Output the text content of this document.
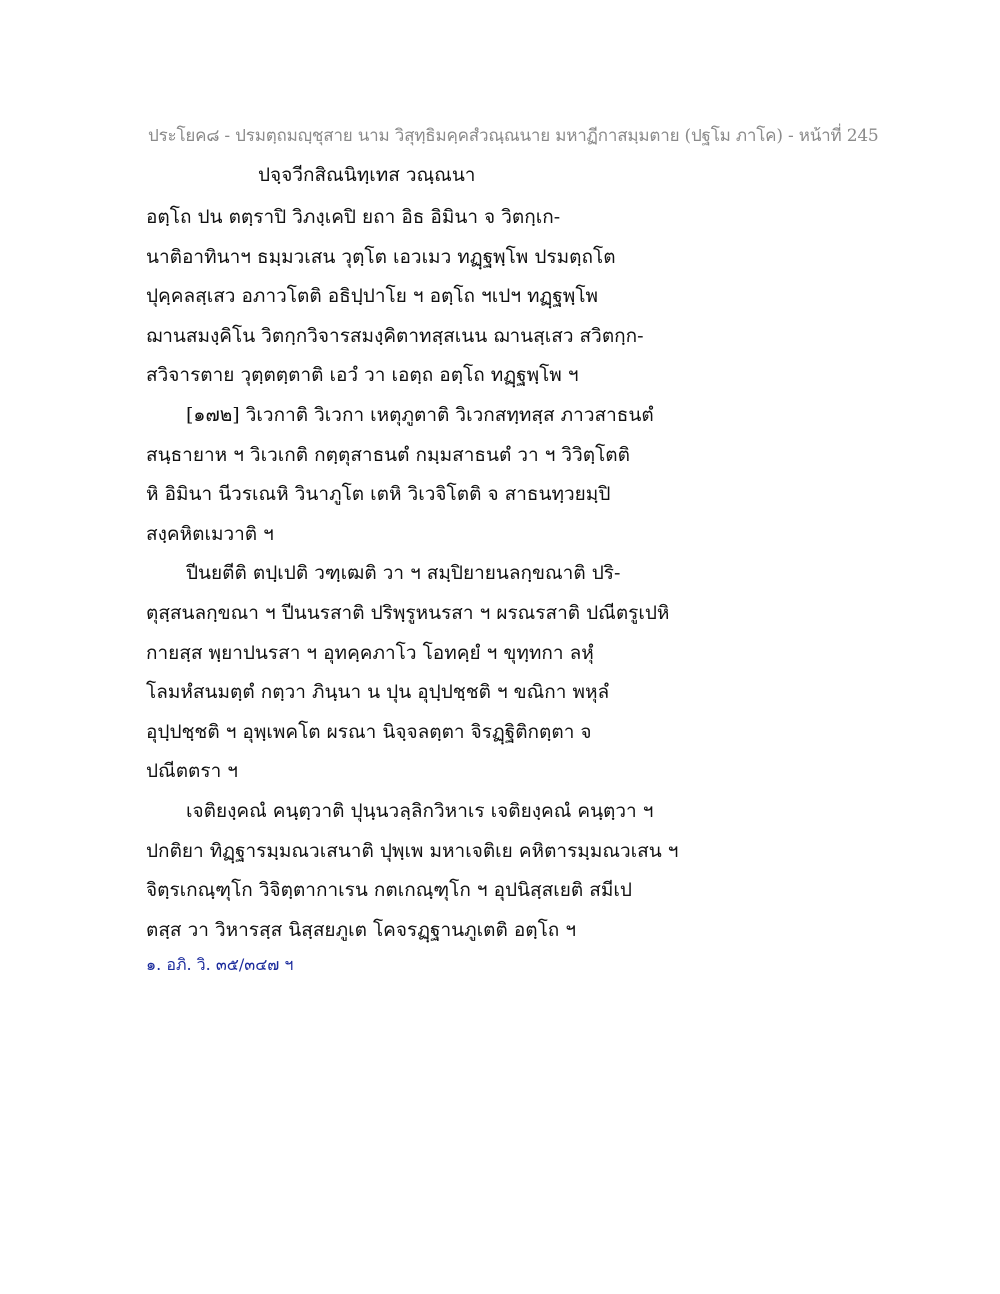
ประโยค๘ - ปรมตฺถมญฺชุสาย นาม วิสุทฺธิมคฺคสํวณฺณนาย มหาฏีกาสมฺมตาย (ปฐโม ภาโค) - หน้าที่ 245
ปจฺจวีกสิณนิทฺเทส วณฺณนา
อตฺโถ ปน ตตฺราปิ วิภงฺเคปิ ยถา อิธ อิมินา จ วิตกฺเก-
นาติอาทินาฯ ธมฺมวเสน วุตฺโต เอวเมว ทฏฺฐพฺโพ ปรมตฺถโต
ปุคฺคลสฺเสว อภาวโตติ อธิปฺปาโย ฯ อตฺโถ ฯเปฯ ทฏฺฐพฺโพ
ฌานสมงฺคิโน วิตกฺกวิจารสมงฺคิตาทสฺสเนน ฌานสฺเสว สวิตกฺก-
สวิจารตาย วุตฺตตฺตาติ เอวํ วา เอตฺถ อตฺโถ ทฏฺฐพฺโพ ฯ
[๑๗๒] วิเวกาติ วิเวกา เหตุภูตาติ วิเวกสทฺทสฺส ภาวสาธนตํ
สนฺธายาห ฯ วิเวเกติ กตฺตุสาธนตํ กมฺมสาธนตํ วา ฯ วิวิตฺโตติ
หิ อิมินา นีวรเณหิ วินาภูโต เตหิ วิเวจิโตติ จ สาธนทฺวยมฺปิ
สงฺคหิตเมวาติ ฯ
ปีนยตีติ ตปฺเปติ วฑฺเฒติ วา ฯ สมฺปิยายนลกฺขณาติ ปริ-
ตุสฺสนลกฺขณา ฯ ปีนนรสาติ ปริพฺรูหนรสา ฯ ผรณรสาติ ปณีตรูเปหิ
กายสฺส พฺยาปนรสา ฯ อุทคฺคภาโว โอทคฺยํ ฯ ขุทฺทกา ลหุํ
โลมหํสนมตฺตํ กตฺวา ภินฺนา น ปุน อุปฺปชฺชติ ฯ ขณิกา พหุลํ
อุปฺปชฺชติ ฯ อุพฺเพคโต ผรณา นิจฺจลตฺตา จิรฏฺฐิติกตฺตา จ
ปณีตตรา ฯ
เจติยงฺคณํ คนฺตฺวาติ ปุนฺนวลฺลิกวิหาเร เจติยงฺคณํ คนฺตฺวา ฯ
ปกติยา ทิฏฺฐารมฺมณวเสนาติ ปุพฺเพ มหาเจติเย คหิตารมฺมณวเสน ฯ
จิตฺรเกณฺฑุโก วิจิตฺตากาเรน กตเกณฺฑุโก ฯ อุปนิสฺสเยติ สมีเป
ตสฺส วา วิหารสฺส นิสฺสยภูเต โคจรฏฺฐานภูเตติ อตฺโถ ฯ
๑. อภิ. วิ. ๓๕/๓๔๗ ฯ
